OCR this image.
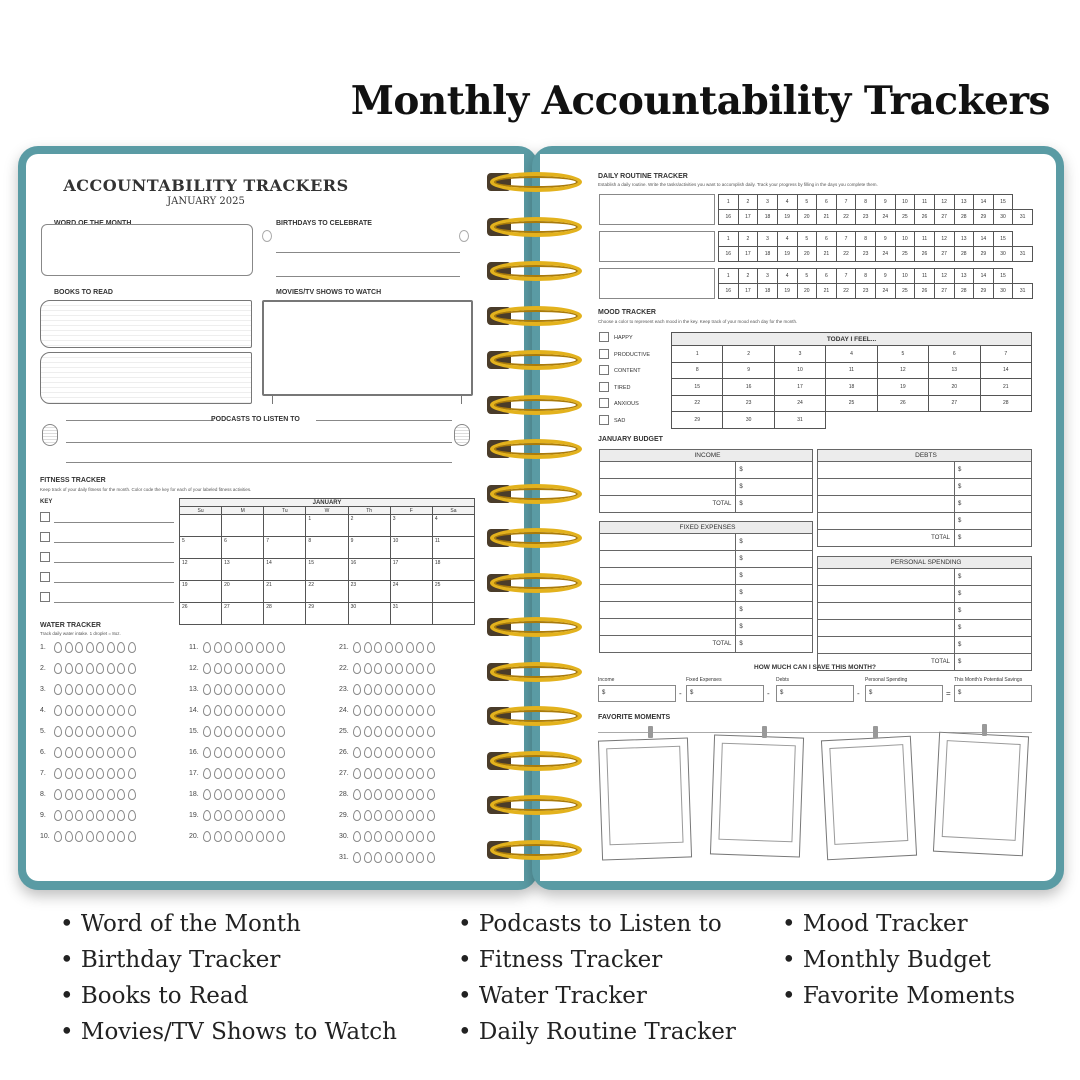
Monthly Accountability Trackers
ACCOUNTABILITY TRACKERS
JANUARY 2025
WORD OF THE MONTH	BIRTHDAYS TO CELEBRATE
BOOKS TO READ	MOVIES/TV SHOWS TO WATCH
PODCASTS TO LISTEN TO
FITNESS TRACKER
Keep track of your daily fitness for the month. Color code the key for each of your labeled fitness activities.
KEY	JANUARY						
Su	M	Tu	W	Th	F	Sa
			1	2	3	4
5	6	7	8	9	10	11
12	13	14	15	16	17	18
19	20	21	22	23	24	25
26	27	28	29	30	31	
WATER TRACKER
Track daily water intake. 1 droplet = 8oz.
1.
2.
3.
4.
5.
6.
7.
8.
9.
10.
11.
12.
13.
14.
15.
16.
17.
18.
19.
20.
21.
22.
23.
24.
25.
26.
27.
28.
29.
30.
31.
DAILY ROUTINE TRACKER
Establish a daily routine. Write the tasks/activities you want to accomplish daily. Track your progress by filling in the days you complete them.
1	2	3	4	5	6	7	8	9	10	11	12	13	14	15	
16	17	18	19	20	21	22	23	24	25	26	27	28	29	30	31
1	2	3	4	5	6	7	8	9	10	11	12	13	14	15	
16	17	18	19	20	21	22	23	24	25	26	27	28	29	30	31
1	2	3	4	5	6	7	8	9	10	11	12	13	14	15	
16	17	18	19	20	21	22	23	24	25	26	27	28	29	30	31
MOOD TRACKER
Choose a color to represent each mood in the key. Keep track of your mood each day for the month.
HAPPY
PRODUCTIVE
CONTENT
TIRED
ANXIOUS
SAD
TODAY I FEEL...						
1	2	3	4	5	6	7
8	9	10	11	12	13	14
15	16	17	18	19	20	21
22	23	24	25	26	27	28
29	30	31				
JANUARY BUDGET
INCOME	
	$
	$
TOTAL	$
FIXED EXPENSES	
	$
	$
	$
	$
	$
	$
TOTAL	$
DEBTS	
	$
	$
	$
	$
TOTAL	$
PERSONAL SPENDING	
	$
	$
	$
	$
	$
TOTAL	$
HOW MUCH CAN I SAVE THIS MONTH?
Income
$	-
Fixed Expenses
$	-
Debts
$	-
Personal Spending
$	=
This Month's Potential Savings
$
FAVORITE MOMENTS
• Word of the Month
• Birthday Tracker
• Books to Read
• Movies/TV Shows to Watch
• Podcasts to Listen to
• Fitness Tracker
• Water Tracker
• Daily Routine Tracker
• Mood Tracker
• Monthly Budget
• Favorite Moments
